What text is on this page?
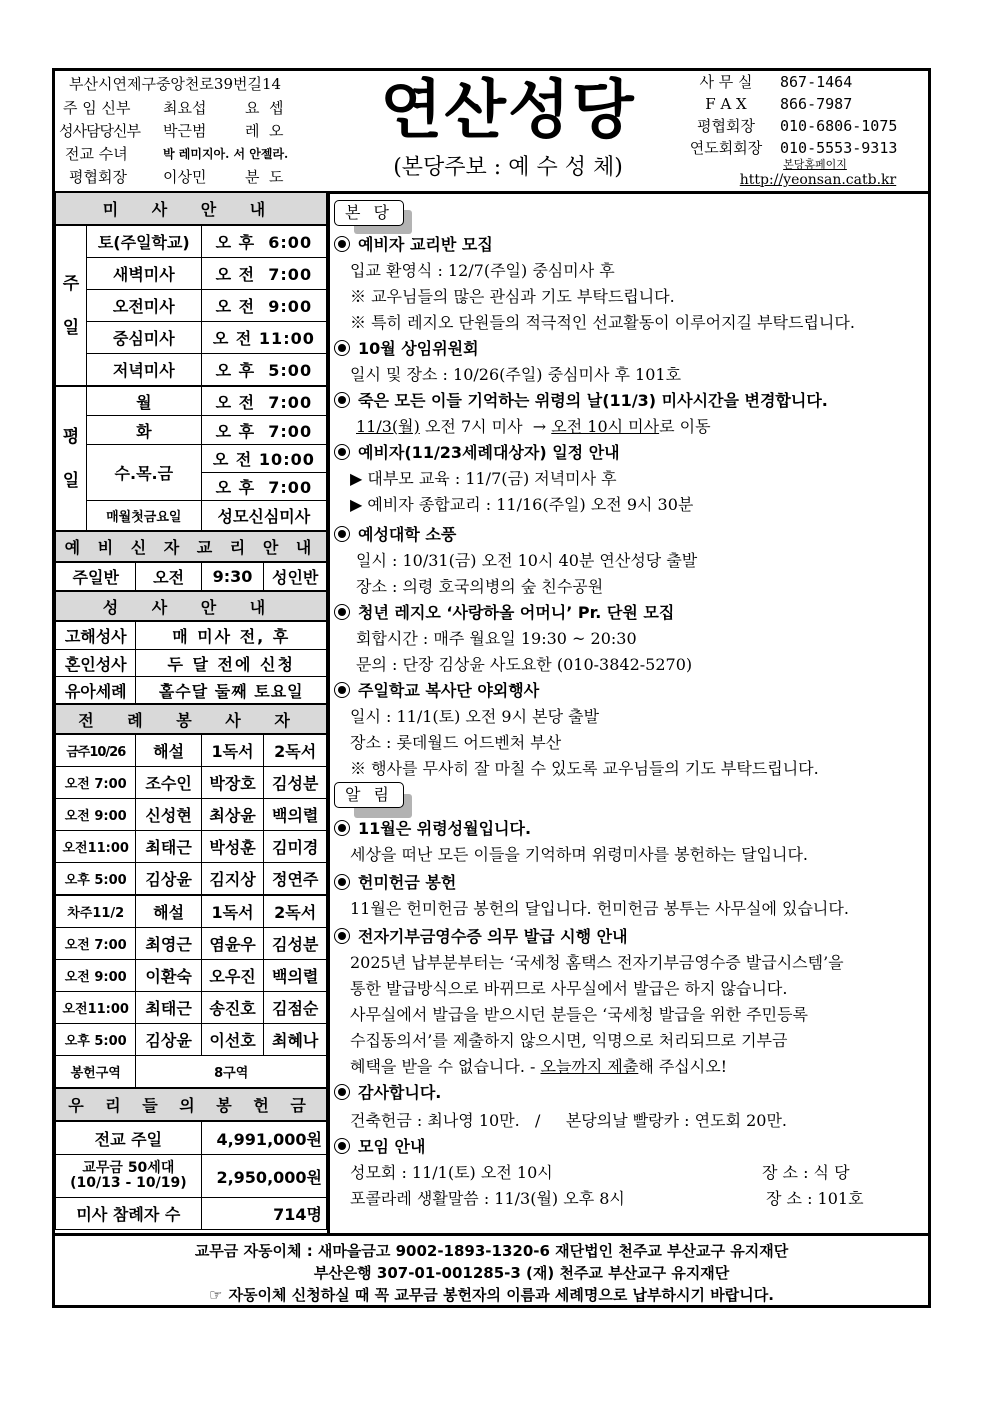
부산시연제구중앙천로39번길14
주 임 신부 최요섭	요  셉
성사담당신부 박근범	레  오
전교 수녀	박 레미지아. 서 안젤라.
평협회장 이상민	분  도
연산성당
(본당주보 : 예 수 성 체)
사 무 실	867-1464
F A X	866-7987
평협회장	010-6806-1075
연도회회장	010-5553-9313
본당홈페이지
http://yeonsan.catb.kr
미 사 안 내				
주

일	토(주일학교)		오 후  6:00	
	새벽미사		오 전  7:00	
	오전미사		오 전  9:00	
	중심미사		오 전 11:00	
	저녁미사		오 후  5:00	
평

일	월		오 전  7:00	
	화		오 후  7:00	
	수.목.금		오 전 10:00	
			오 후  7:00	
	매월첫금요일		성모신심미사	
예 비 신 자 교 리 안 내				
주일반		오전	9:30	성인반
성 사 안 내				
고해성사		매 미사 전, 후		
혼인성사		두 달 전에 신청		
유아세례		홀수달 둘째 토요일		
전 례 봉 사 자				
금주10/26		해설	1독서	2독서
오전 7:00		조수인	박장호	김성분
오전 9:00		신성현	최상윤	백의렬
오전11:00		최태근	박성훈	김미경
오후 5:00		김상윤	김지상	정연주
차주11/2		해설	1독서	2독서
오전 7:00		최영근	염윤우	김성분
오전 9:00		이환숙	오우진	백의렬
오전11:00		최태근	송진호	김점순
오후 5:00		김상윤	이선호	최혜나
봉헌구역		8구역		
우 리 들 의 봉 헌 금				
전교 주일			4,991,000원	

교무금 50세대
(10/13 - 10/19)			2,950,000원	
미사 참례자 수			714명	
본 당
예비자 교리반 모집
입교 환영식 : 12/7(주일) 중심미사 후
※ 교우님들의 많은 관심과 기도 부탁드립니다.
※ 특히 레지오 단원들의 적극적인 선교활동이 이루어지길 부탁드립니다.
10월 상임위원회
일시 및 장소 : 10/26(주일) 중심미사 후 101호
죽은 모든 이들 기억하는 위령의 날(11/3) 미사시간을 변경합니다.
11/3(월) 오전 7시 미사  → 오전 10시 미사로 이동
예비자(11/23세례대상자) 일정 안내
▶ 대부모 교육 : 11/7(금) 저녁미사 후
▶ 예비자 종합교리 : 11/16(주일) 오전 9시 30분
예성대학 소풍
일시 : 10/31(금) 오전 10시 40분 연산성당 출발
장소 : 의령 호국의병의 숲 친수공원
청년 레지오 ‘사랑하올 어머니’ Pr. 단원 모집
회합시간 : 매주 월요일 19:30 ~ 20:30
문의 : 단장 김상윤 사도요한 (010-3842-5270)
주일학교 복사단 야외행사
일시 : 11/1(토) 오전 9시 본당 출발
장소 : 롯데월드 어드벤처 부산
※ 행사를 무사히 잘 마칠 수 있도록 교우님들의 기도 부탁드립니다.
알 림
11월은 위령성월입니다.
세상을 떠난 모든 이들을 기억하며 위령미사를 봉헌하는 달입니다.
헌미헌금 봉헌
11월은 헌미헌금 봉헌의 달입니다. 헌미헌금 봉투는 사무실에 있습니다.
전자기부금영수증 의무 발급 시행 안내
2025년 납부분부터는 ‘국세청 홈택스 전자기부금영수증 발급시스템’을
통한 발급방식으로 바뀌므로 사무실에서 발급은 하지 않습니다.
사무실에서 발급을 받으시던 분들은 ‘국세청 발급을 위한 주민등록
수집동의서’를 제출하지 않으시면, 익명으로 처리되므로 기부금
혜택을 받을 수 없습니다. - 오늘까지 제출해 주십시오!
감사합니다.
건축헌금 : 최나영 10만.   /     본당의날 빨랑카 : 연도회 20만.
모임 안내
성모회 : 11/1(토) 오전 10시	장 소 : 식 당
포콜라레 생활말씀 : 11/3(월) 오후 8시	장 소 : 101호
교무금 자동이체 : 새마을금고 9002-1893-1320-6 재단법인 천주교 부산교구 유지재단
부산은행 307-01-001285-3 (재) 천주교 부산교구 유지재단
☞ 자동이체 신청하실 때 꼭 교무금 봉헌자의 이름과 세례명으로 납부하시기 바랍니다.
